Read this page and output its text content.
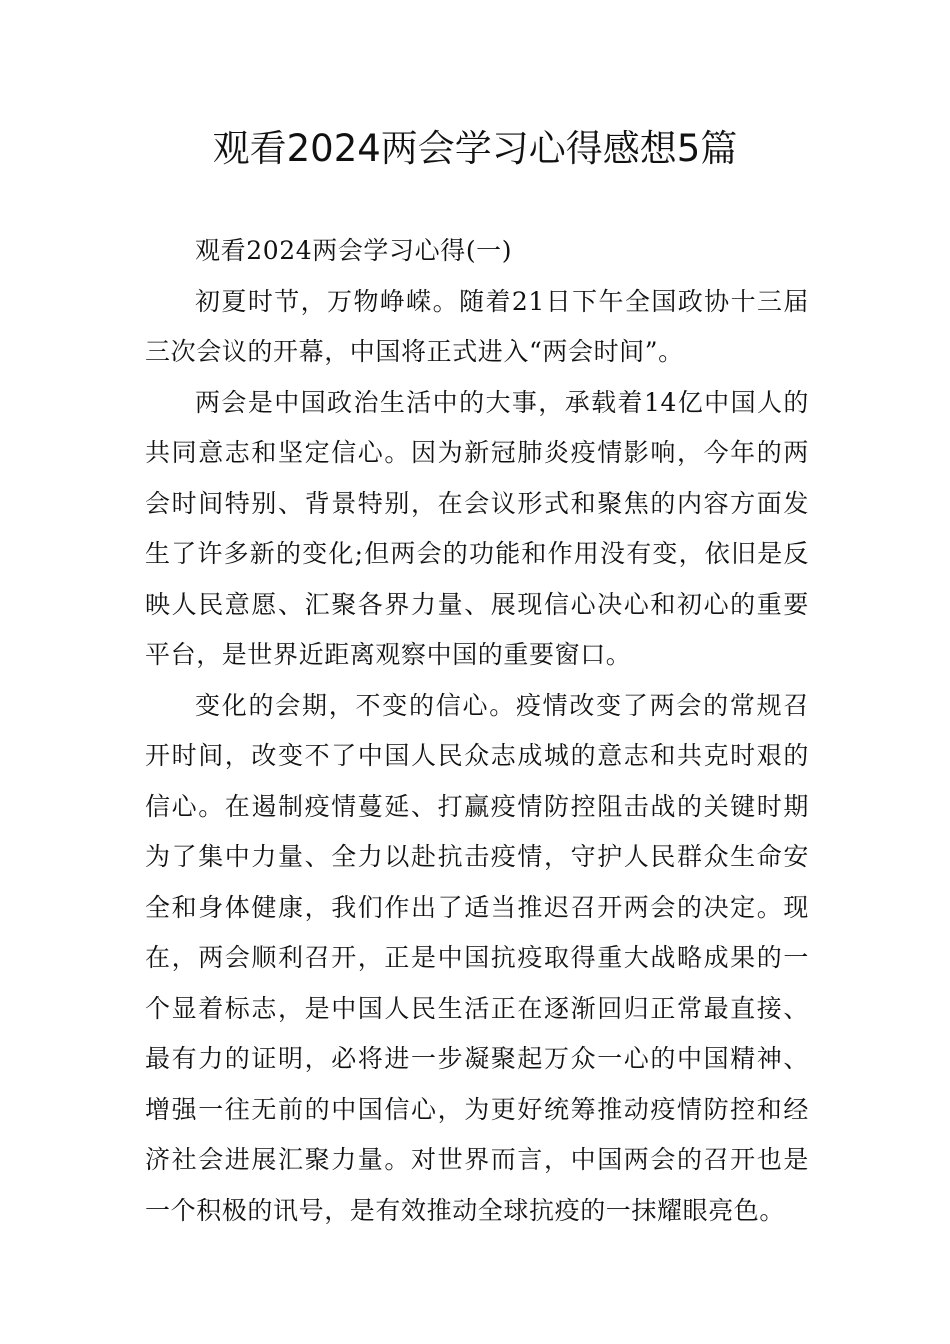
观看2024两会学习心得感想5篇

观看2024两会学习心得(一)

初夏时节，万物峥嵘。随着21日下午全国政协十三届三次会议的开幕，中国将正式进入“两会时间”。

两会是中国政治生活中的大事，承载着14亿中国人的共同意志和坚定信心。因为新冠肺炎疫情影响，今年的两会时间特别、背景特别，在会议形式和聚焦的内容方面发生了许多新的变化;但两会的功能和作用没有变，依旧是反映人民意愿、汇聚各界力量、展现信心决心和初心的重要平台，是世界近距离观察中国的重要窗口。

变化的会期，不变的信心。疫情改变了两会的常规召开时间，改变不了中国人民众志成城的意志和共克时艰的信心。在遏制疫情蔓延、打赢疫情防控阻击战的关键时期为了集中力量、全力以赴抗击疫情，守护人民群众生命安全和身体健康，我们作出了适当推迟召开两会的决定。现在，两会顺利召开，正是中国抗疫取得重大战略成果的一个显着标志，是中国人民生活正在逐渐回归正常最直接、最有力的证明，必将进一步凝聚起万众一心的中国精神、增强一往无前的中国信心，为更好统筹推动疫情防控和经济社会进展汇聚力量。对世界而言，中国两会的召开也是一个积极的讯号，是有效推动全球抗疫的一抹耀眼亮色。
